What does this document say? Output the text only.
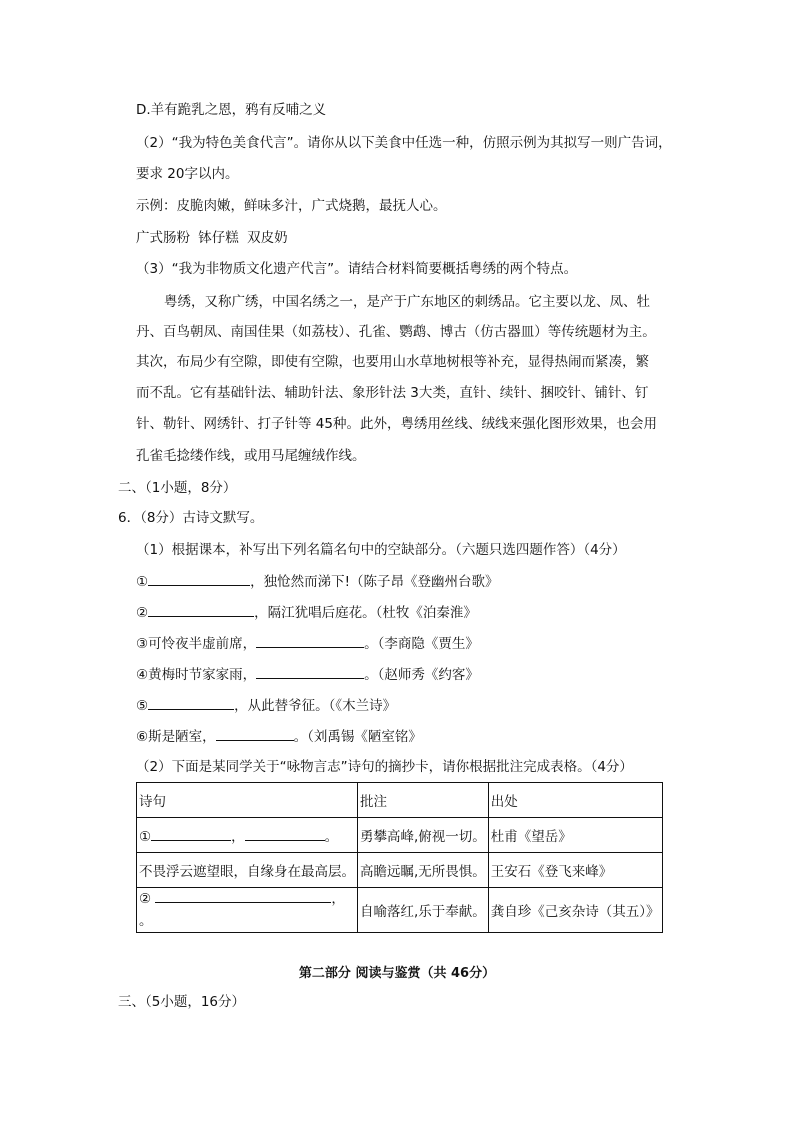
D.羊有跪乳之恩，鸦有反哺之义
（2）“我为特色美食代言”。请你从以下美食中任选一种，仿照示例为其拟写一则广告词，
要求 20字以内。
示例：皮脆肉嫩，鲜味多汁，广式烧鹅，最抚人心。
广式肠粉 钵仔糕 双皮奶
（3）“我为非物质文化遗产代言”。请结合材料简要概括粤绣的两个特点。
粤绣，又称广绣，中国名绣之一，是产于广东地区的刺绣品。它主要以龙、凤、牡
丹、百鸟朝凤、南国佳果（如荔枝）、孔雀、鹦鹉、博古（仿古器皿）等传统题材为主。
其次，布局少有空隙，即使有空隙，也要用山水草地树根等补充，显得热闹而紧凑，繁
而不乱。它有基础针法、辅助针法、象形针法 3大类，直针、续针、捆咬针、铺针、钉
针、勒针、网绣针、打子针等 45种。此外，粤绣用丝线、绒线来强化图形效果，也会用
孔雀毛捻缕作线，或用马尾缠绒作线。
二、（1小题，8分）
6．（8分）古诗文默写。
（1）根据课本，补写出下列名篇名句中的空缺部分。（六题只选四题作答）（4分）
①	，独怆然而涕下!（陈子昂《登幽州台歌》
②	，隔江犹唱后庭花。（杜牧《泊秦淮》
③可怜夜半虚前席，	。（李商隐《贾生》
④黄梅时节家家雨，	。（赵师秀《约客》
⑤	，从此替爷征。（《木兰诗》
⑥斯是陋室，	。（刘禹锡《陋室铭》
（2）下面是某同学关于“咏物言志”诗句的摘抄卡，请你根据批注完成表格。（4分）
诗句	批注	出处
① ， 。	勇攀高峰,俯视一切。	杜甫《望岳》
不畏浮云遮望眼，自缘身在最高层。	高瞻远瞩,无所畏惧。	王安石《登飞来峰》

② ，
。	自喻落红,乐于奉献。	龚自珍《己亥杂诗（其五）》
第二部分 阅读与鉴赏（共 46分）
三、（5小题，16分）
